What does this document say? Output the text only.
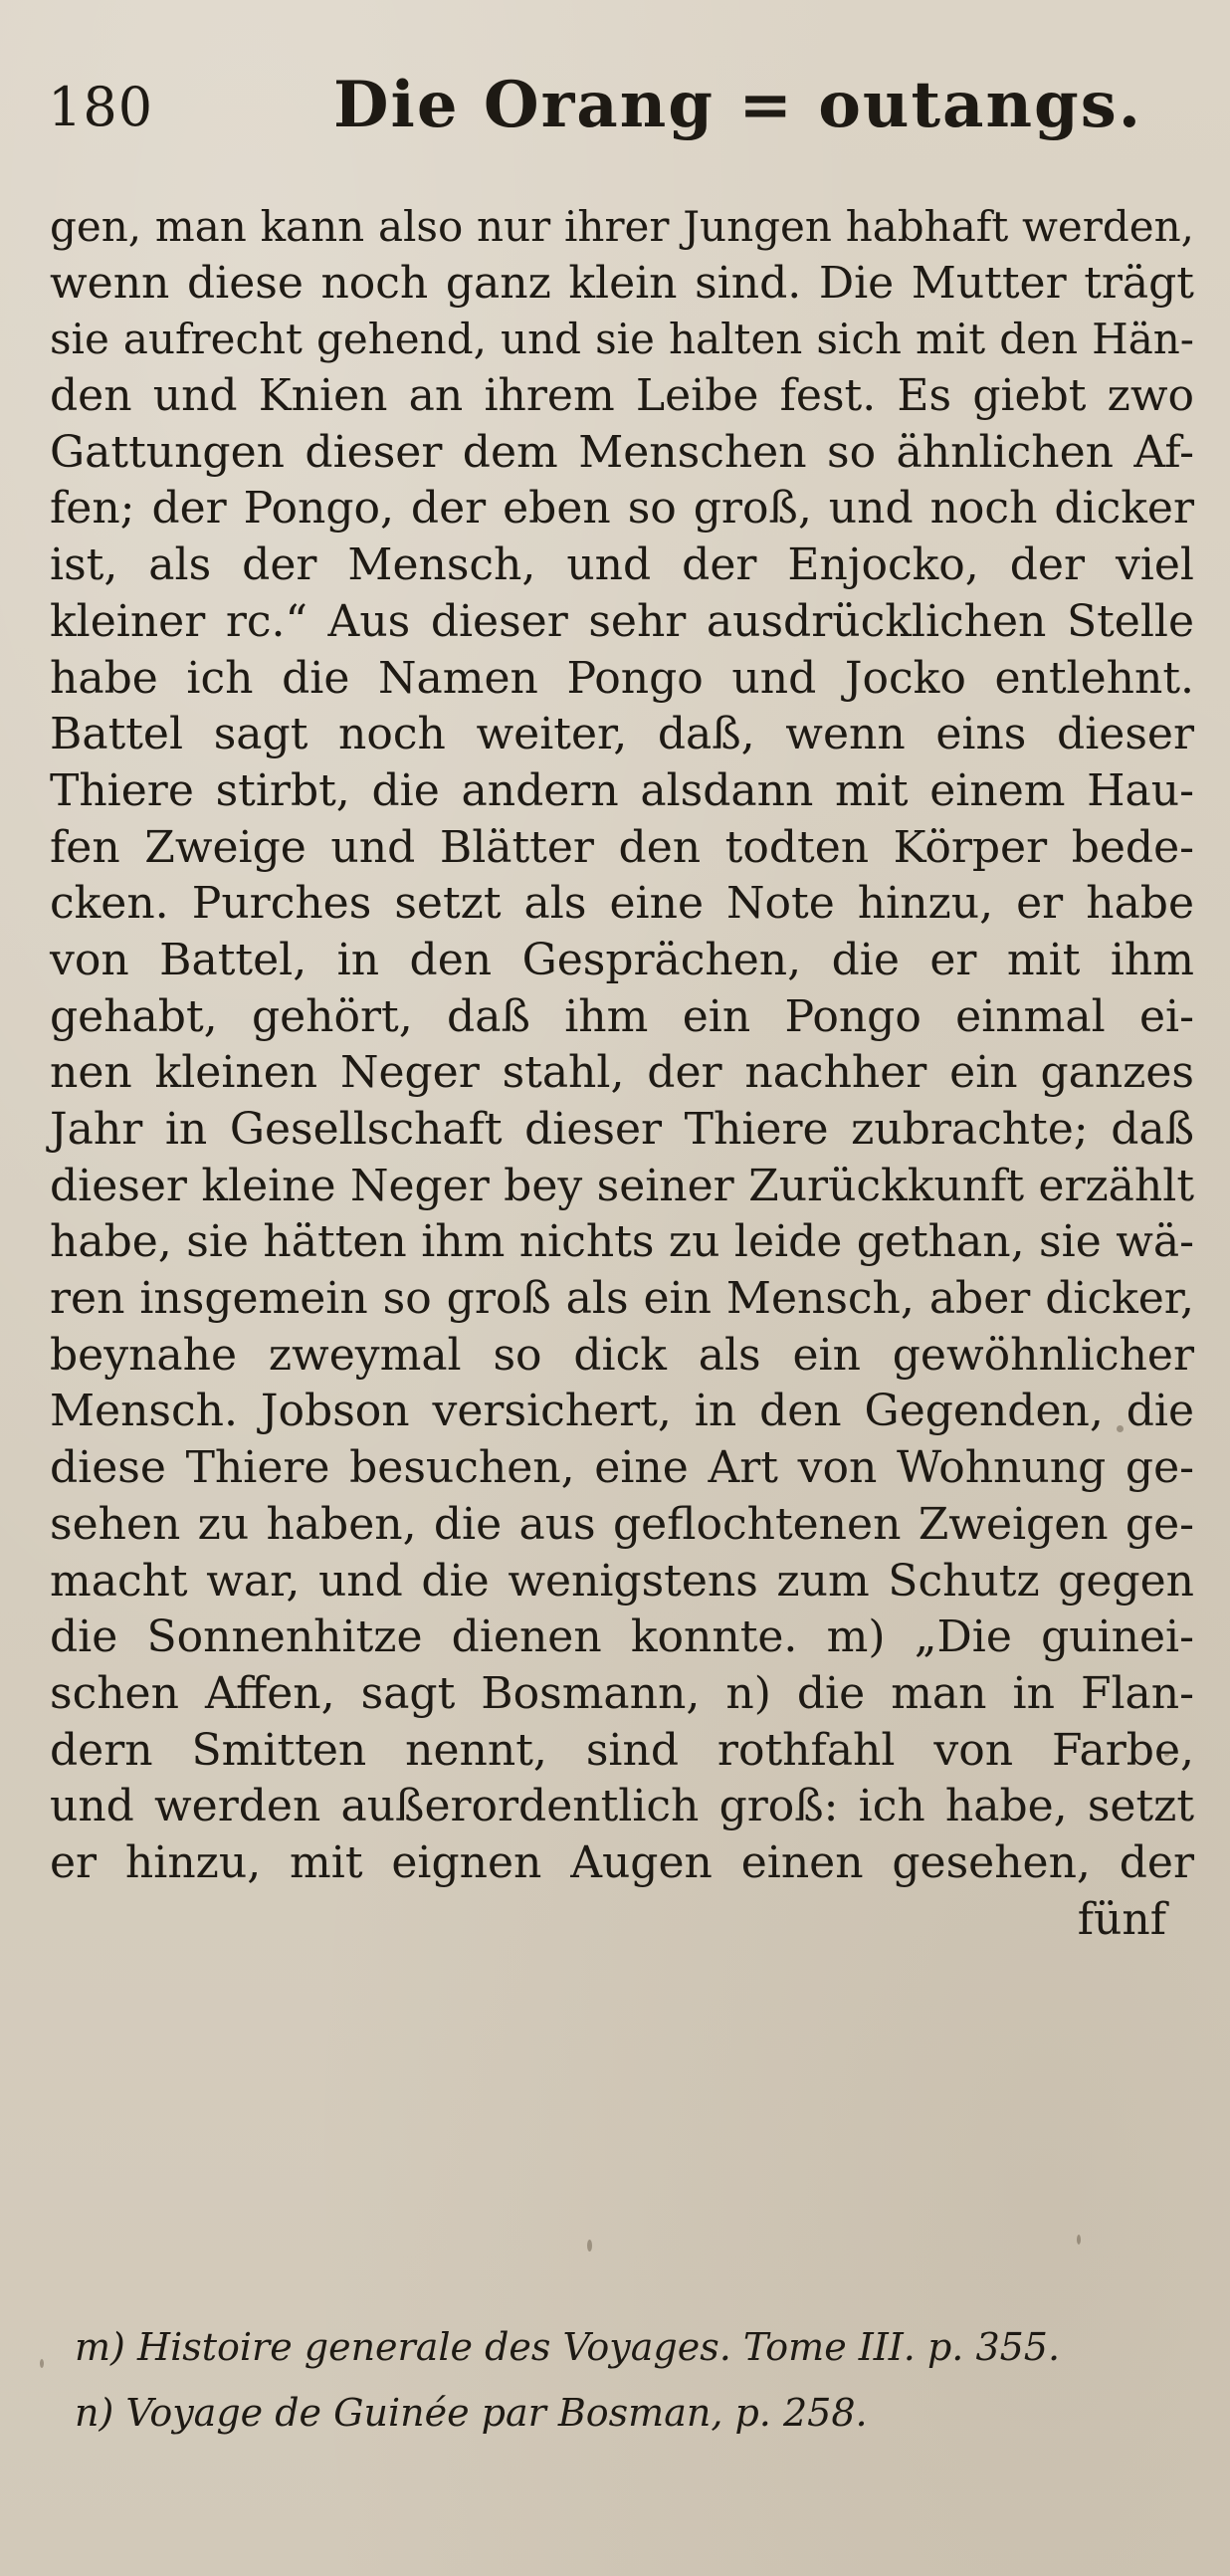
180	Die Orang = outangs.
gen, man kann also nur ihrer Jungen habhaft werden,
wenn diese noch ganz klein sind. Die Mutter trägt
sie aufrecht gehend, und sie halten sich mit den Hän-
den und Knien an ihrem Leibe fest. Es giebt zwo
Gattungen dieser dem Menschen so ähnlichen Af-
fen; der Pongo, der eben so groß, und noch dicker
ist, als der Mensch, und der Enjocko, der viel
kleiner rc.“ Aus dieser sehr ausdrücklichen Stelle
habe ich die Namen Pongo und Jocko entlehnt.
Battel sagt noch weiter, daß, wenn eins dieser
Thiere stirbt, die andern alsdann mit einem Hau-
fen Zweige und Blätter den todten Körper bede-
cken. Purches setzt als eine Note hinzu, er habe
von Battel, in den Gesprächen, die er mit ihm
gehabt, gehört, daß ihm ein Pongo einmal ei-
nen kleinen Neger stahl, der nachher ein ganzes
Jahr in Gesellschaft dieser Thiere zubrachte; daß
dieser kleine Neger bey seiner Zurückkunft erzählt
habe, sie hätten ihm nichts zu leide gethan, sie wä-
ren insgemein so groß als ein Mensch, aber dicker,
beynahe zweymal so dick als ein gewöhnlicher
Mensch. Jobson versichert, in den Gegenden, die
diese Thiere besuchen, eine Art von Wohnung ge-
sehen zu haben, die aus geflochtenen Zweigen ge-
macht war, und die wenigstens zum Schutz gegen
die Sonnenhitze dienen konnte. m) „Die guinei-
schen Affen, sagt Bosmann, n) die man in Flan-
dern Smitten nennt, sind rothfahl von Farbe,
und werden außerordentlich groß: ich habe, setzt
er hinzu, mit eignen Augen einen gesehen, der
fünf
m) Histoire generale des Voyages. Tome III. p. 355.
n) Voyage de Guinée par Bosman, p. 258.
